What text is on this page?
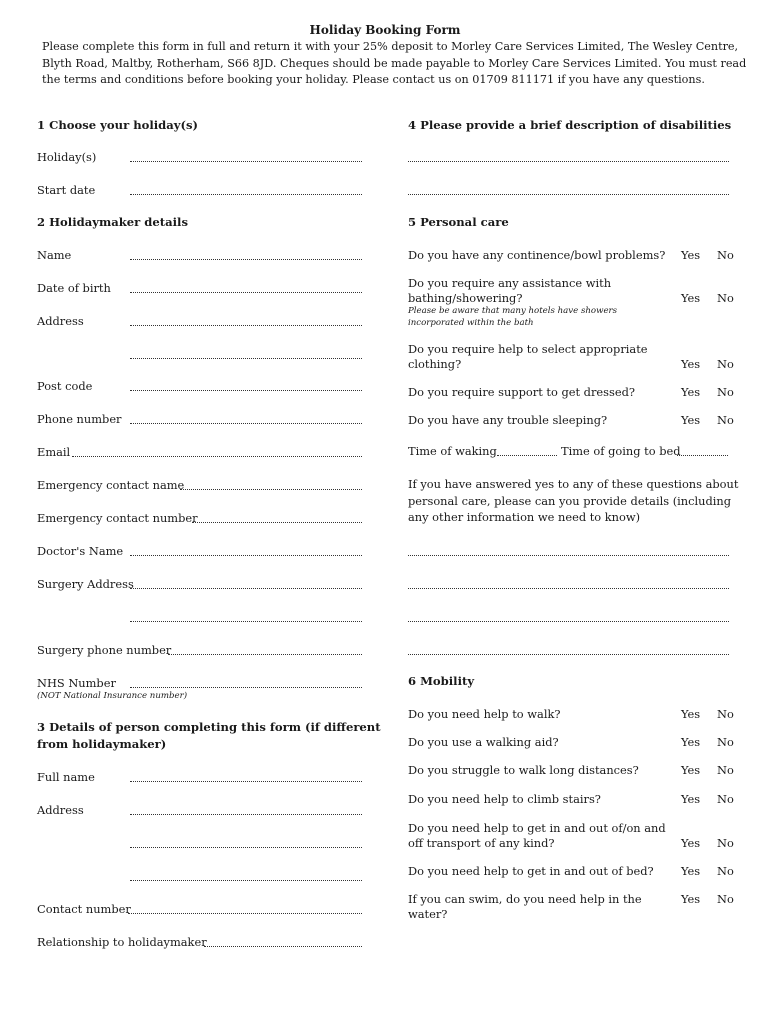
Holiday Booking Form
Please complete this form in full and return it with your 25% deposit to Morley Care Services Limited, The Wesley Centre,
Blyth Road, Maltby, Rotherham, S66 8JD. Cheques should be made payable to Morley Care Services Limited. You must read
the terms and conditions before booking your holiday. Please contact us on 01709 811171 if you have any questions.
1 Choose your holiday(s)
Holiday(s)
Start date
2 Holidaymaker details
Name
Date of birth
Address
Post code
Phone number
Email
Emergency contact name
Emergency contact number
Doctor's Name
Surgery Address
Surgery phone number
NHS Number
(NOT National Insurance number)
3 Details of person completing this form (if different
from holidaymaker)
Full name
Address
Contact number
Relationship to holidaymaker
4 Please provide a brief description of disabilities
5 Personal care
Do you have any continence/bowl problems? Yes No
Do you require any assistance with
bathing/showering?	Yes No
Please be aware that many hotels have showers
incorporated within the bath
Do you require help to select appropriate
clothing?	Yes No
Do you require support to get dressed?	Yes No
Do you have any trouble sleeping?	Yes No
Time of waking	Time of going to bed
If you have answered yes to any of these questions about
personal care, please can you provide details (including
any other information we need to know)
6 Mobility
Do you need help to walk?	Yes No
Do you use a walking aid?	Yes No
Do you struggle to walk long distances?	Yes No
Do you need help to climb stairs?	Yes No
Do you need help to get in and out of/on and
off transport of any kind?	Yes No
Do you need help to get in and out of bed? Yes No
If you can swim, do you need help in the
water?
Yes No
